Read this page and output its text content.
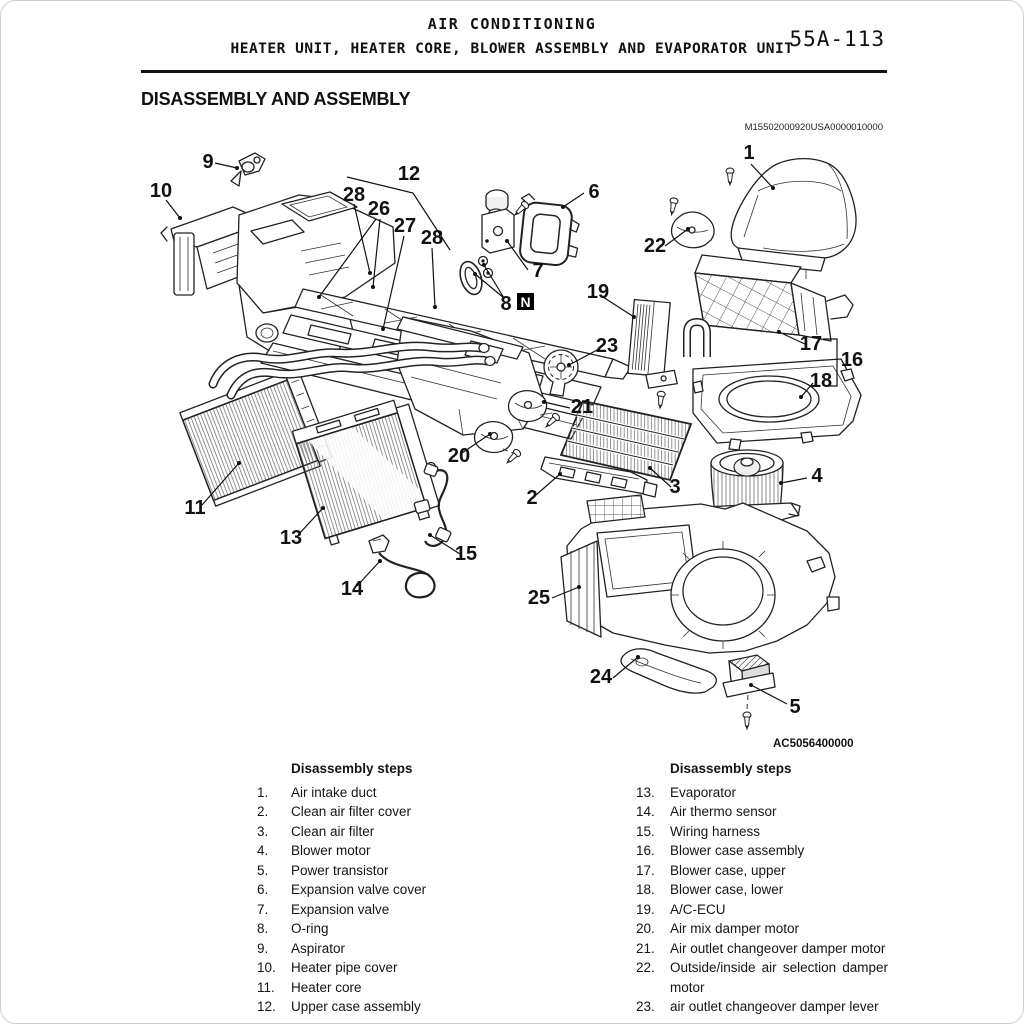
AIR CONDITIONING
HEATER UNIT, HEATER CORE, BLOWER ASSEMBLY AND EVAPORATOR UNIT
55A-113
DISASSEMBLY AND ASSEMBLY
M15502000920USA0000010000
AC5056400000
1
2	3	4
5
6
7
8
9
10
11
12
13
14
15
16
17
18
19
20
21
22
23
24
25
26
27
28
28
N
Disassembly steps
1.	Air intake duct
2.	Clean air filter cover
3.	Clean air filter
4.	Blower motor
5.	Power transistor
6.	Expansion valve cover
7.	Expansion valve
8.	O-ring
9.	Aspirator
10.	Heater pipe cover
11.	Heater core
12.	Upper case assembly
Disassembly steps
13.	Evaporator
14.	Air thermo sensor
15.	Wiring harness
16.	Blower case assembly
17.	Blower case, upper
18.	Blower case, lower
19.	A/C-ECU
20.	Air mix damper motor
21.	Air outlet changeover damper motor
22.	Outside/inside air selection damper motor
23.	air outlet changeover damper lever
